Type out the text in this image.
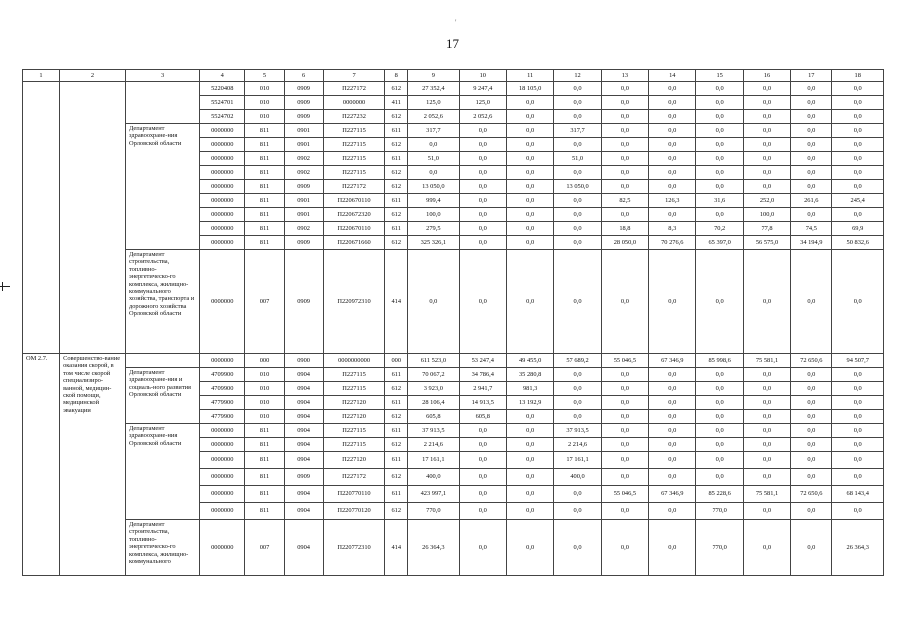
17
'
1	2	3	4	5	6	7	8	9	10	11	12	13	14	15	16	17	18
			5220408	010	0909	П227172	612	27 352,4	9 247,4	18 105,0	0,0	0,0	0,0	0,0	0,0	0,0	0,0
			5524701	010	0909	0000000	411	125,0	125,0	0,0	0,0	0,0	0,0	0,0	0,0	0,0	0,0
			5524702	010	0909	П227232	612	2 052,6	2 052,6	0,0	0,0	0,0	0,0	0,0	0,0	0,0	0,0
		Департамент здравоохране-ния Орловской области	0000000	811	0901	П227115	611	317,7	0,0	0,0	317,7	0,0	0,0	0,0	0,0	0,0	0,0
			0000000	811	0901	П227115	612	0,0	0,0	0,0	0,0	0,0	0,0	0,0	0,0	0,0	0,0
			0000000	811	0902	П227115	611	51,0	0,0	0,0	51,0	0,0	0,0	0,0	0,0	0,0	0,0
			0000000	811	0902	П227115	612	0,0	0,0	0,0	0,0	0,0	0,0	0,0	0,0	0,0	0,0
			0000000	811	0909	П227172	612	13 050,0	0,0	0,0	13 050,0	0,0	0,0	0,0	0,0	0,0	0,0
			0000000	811	0901	П220670110	611	999,4	0,0	0,0	0,0	82,5	126,3	31,6	252,0	261,6	245,4
			0000000	811	0901	П220672320	612	100,0	0,0	0,0	0,0	0,0	0,0	0,0	100,0	0,0	0,0
			0000000	811	0902	П220670110	611	279,5	0,0	0,0	0,0	18,8	8,3	70,2	77,8	74,5	69,9
			0000000	811	0909	П220671660	612	325 326,1	0,0	0,0	0,0	28 050,0	70 276,6	65 397,0	56 575,0	34 194,9	50 832,6
		Департамент строительства, топливно-энергетическо-го комплекса, жилищно-коммунального хозяйства, транспорта и дорожного хозяйства Орловской области	0000000	007	0909	П220972310	414	0,0	0,0	0,0	0,0	0,0	0,0	0,0	0,0	0,0	0,0
ОМ 2.7.	Совершенство-вание оказания скорой, в том числе скорой специализиро-ванной, медицин-ской помощи, медицинской эвакуации		0000000	000	0900	0000000000	000	611 523,0	53 247,4	49 455,0	57 689,2	55 046,5	67 346,9	85 998,6	75 581,1	72 650,6	94 507,7
		Департамент здравоохране-ния и социаль-ного развития Орловской области	4709900	010	0904	П227115	611	70 067,2	34 786,4	35 280,8	0,0	0,0	0,0	0,0	0,0	0,0	0,0
			4709900	010	0904	П227115	612	3 923,0	2 941,7	981,3	0,0	0,0	0,0	0,0	0,0	0,0	0,0
			4779900	010	0904	П227120	611	28 106,4	14 913,5	13 192,9	0,0	0,0	0,0	0,0	0,0	0,0	0,0
			4779900	010	0904	П227120	612	605,8	605,8	0,0	0,0	0,0	0,0	0,0	0,0	0,0	0,0
		Департамент здравоохране-ния Орловской области	0000000	811	0904	П227115	611	37 913,5	0,0	0,0	37 913,5	0,0	0,0	0,0	0,0	0,0	0,0
			0000000	811	0904	П227115	612	2 214,6	0,0	0,0	2 214,6	0,0	0,0	0,0	0,0	0,0	0,0
			0000000	811	0904	П227120	611	17 161,1	0,0	0,0	17 161,1	0,0	0,0	0,0	0,0	0,0	0,0
			0000000	811	0909	П227172	612	400,0	0,0	0,0	400,0	0,0	0,0	0,0	0,0	0,0	0,0
			0000000	811	0904	П220770110	611	423 997,1	0,0	0,0	0,0	55 046,5	67 346,9	85 228,6	75 581,1	72 650,6	68 143,4
			0000000	811	0904	П220770120	612	770,0	0,0	0,0	0,0	0,0	0,0	770,0	0,0	0,0	0,0
		Департамент строительства, топливно-энергетическо-го комплекса, жилищно-коммунального	0000000	007	0904	П220772310	414	26 364,3	0,0	0,0	0,0	0,0	0,0	770,0	0,0	0,0	26 364,3
